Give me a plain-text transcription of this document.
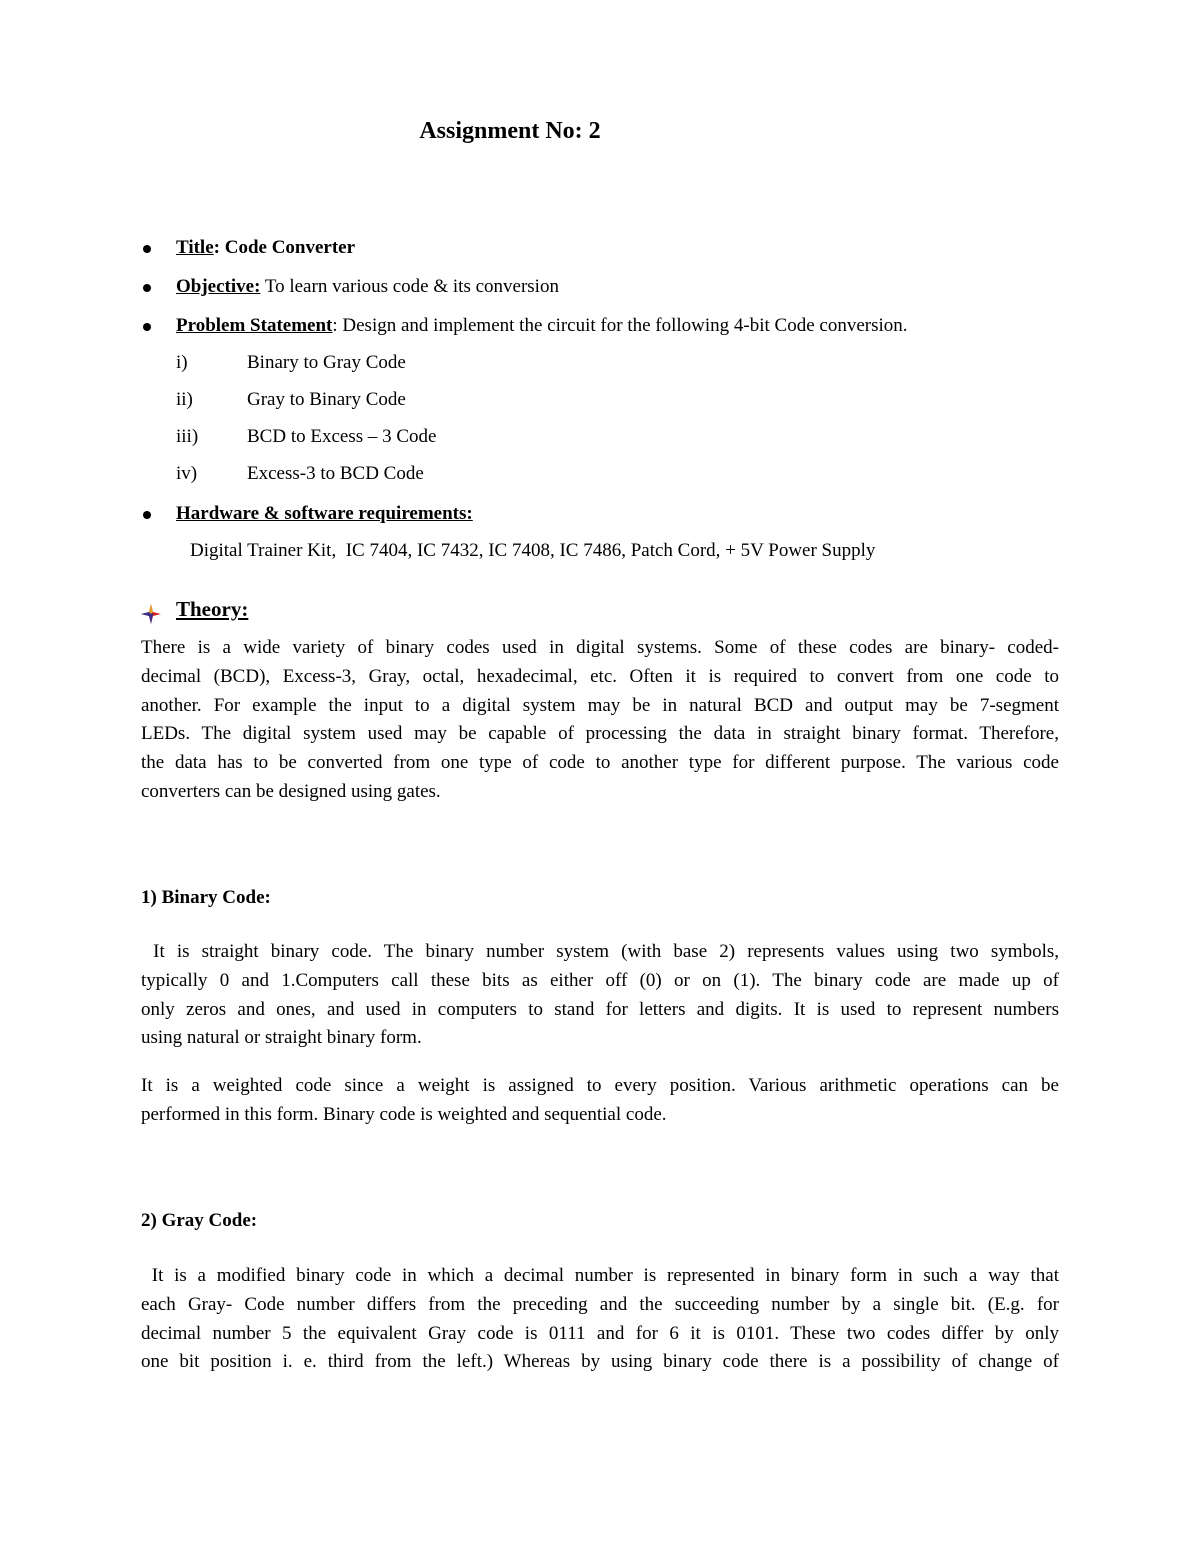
Assignment No: 2
Title: Code Converter
Objective: To learn various code & its conversion
Problem Statement: Design and implement the circuit for the following 4-bit Code conversion.
i)	Binary to Gray Code
ii)	Gray to Binary Code
iii)	BCD to Excess – 3 Code
iv)	Excess-3 to BCD Code
Hardware & software requirements:
Digital Trainer Kit,  IC 7404, IC 7432, IC 7408, IC 7486, Patch Cord, + 5V Power Supply
Theory:
There is a wide variety of binary codes used in digital systems. Some of these codes are binary- coded-
decimal (BCD), Excess-3, Gray, octal, hexadecimal, etc. Often it is required to convert from one code to
another. For example the input to a digital system may be in natural BCD and output may be 7-segment
LEDs. The digital system used may be capable of processing the data in straight binary format. Therefore,
the data has to be converted from one type of code to another type for different purpose. The various code
converters can be designed using gates.
1) Binary Code:
It is straight binary code. The binary number system (with base 2) represents values using two symbols,
typically 0 and 1.Computers call these bits as either off (0) or on (1). The binary code are made up of
only zeros and ones, and used in computers to stand for letters and digits. It is used to represent numbers
using natural or straight binary form.
It is a weighted code since a weight is assigned to every position. Various arithmetic operations can be
performed in this form. Binary code is weighted and sequential code.
2) Gray Code:
It is a modified binary code in which a decimal number is represented in binary form in such a way that
each Gray- Code number differs from the preceding and the succeeding number by a single bit. (E.g. for
decimal number 5 the equivalent Gray code is 0111 and for 6 it is 0101. These two codes differ by only
one bit position i. e. third from the left.) Whereas by using binary code there is a possibility of change of
